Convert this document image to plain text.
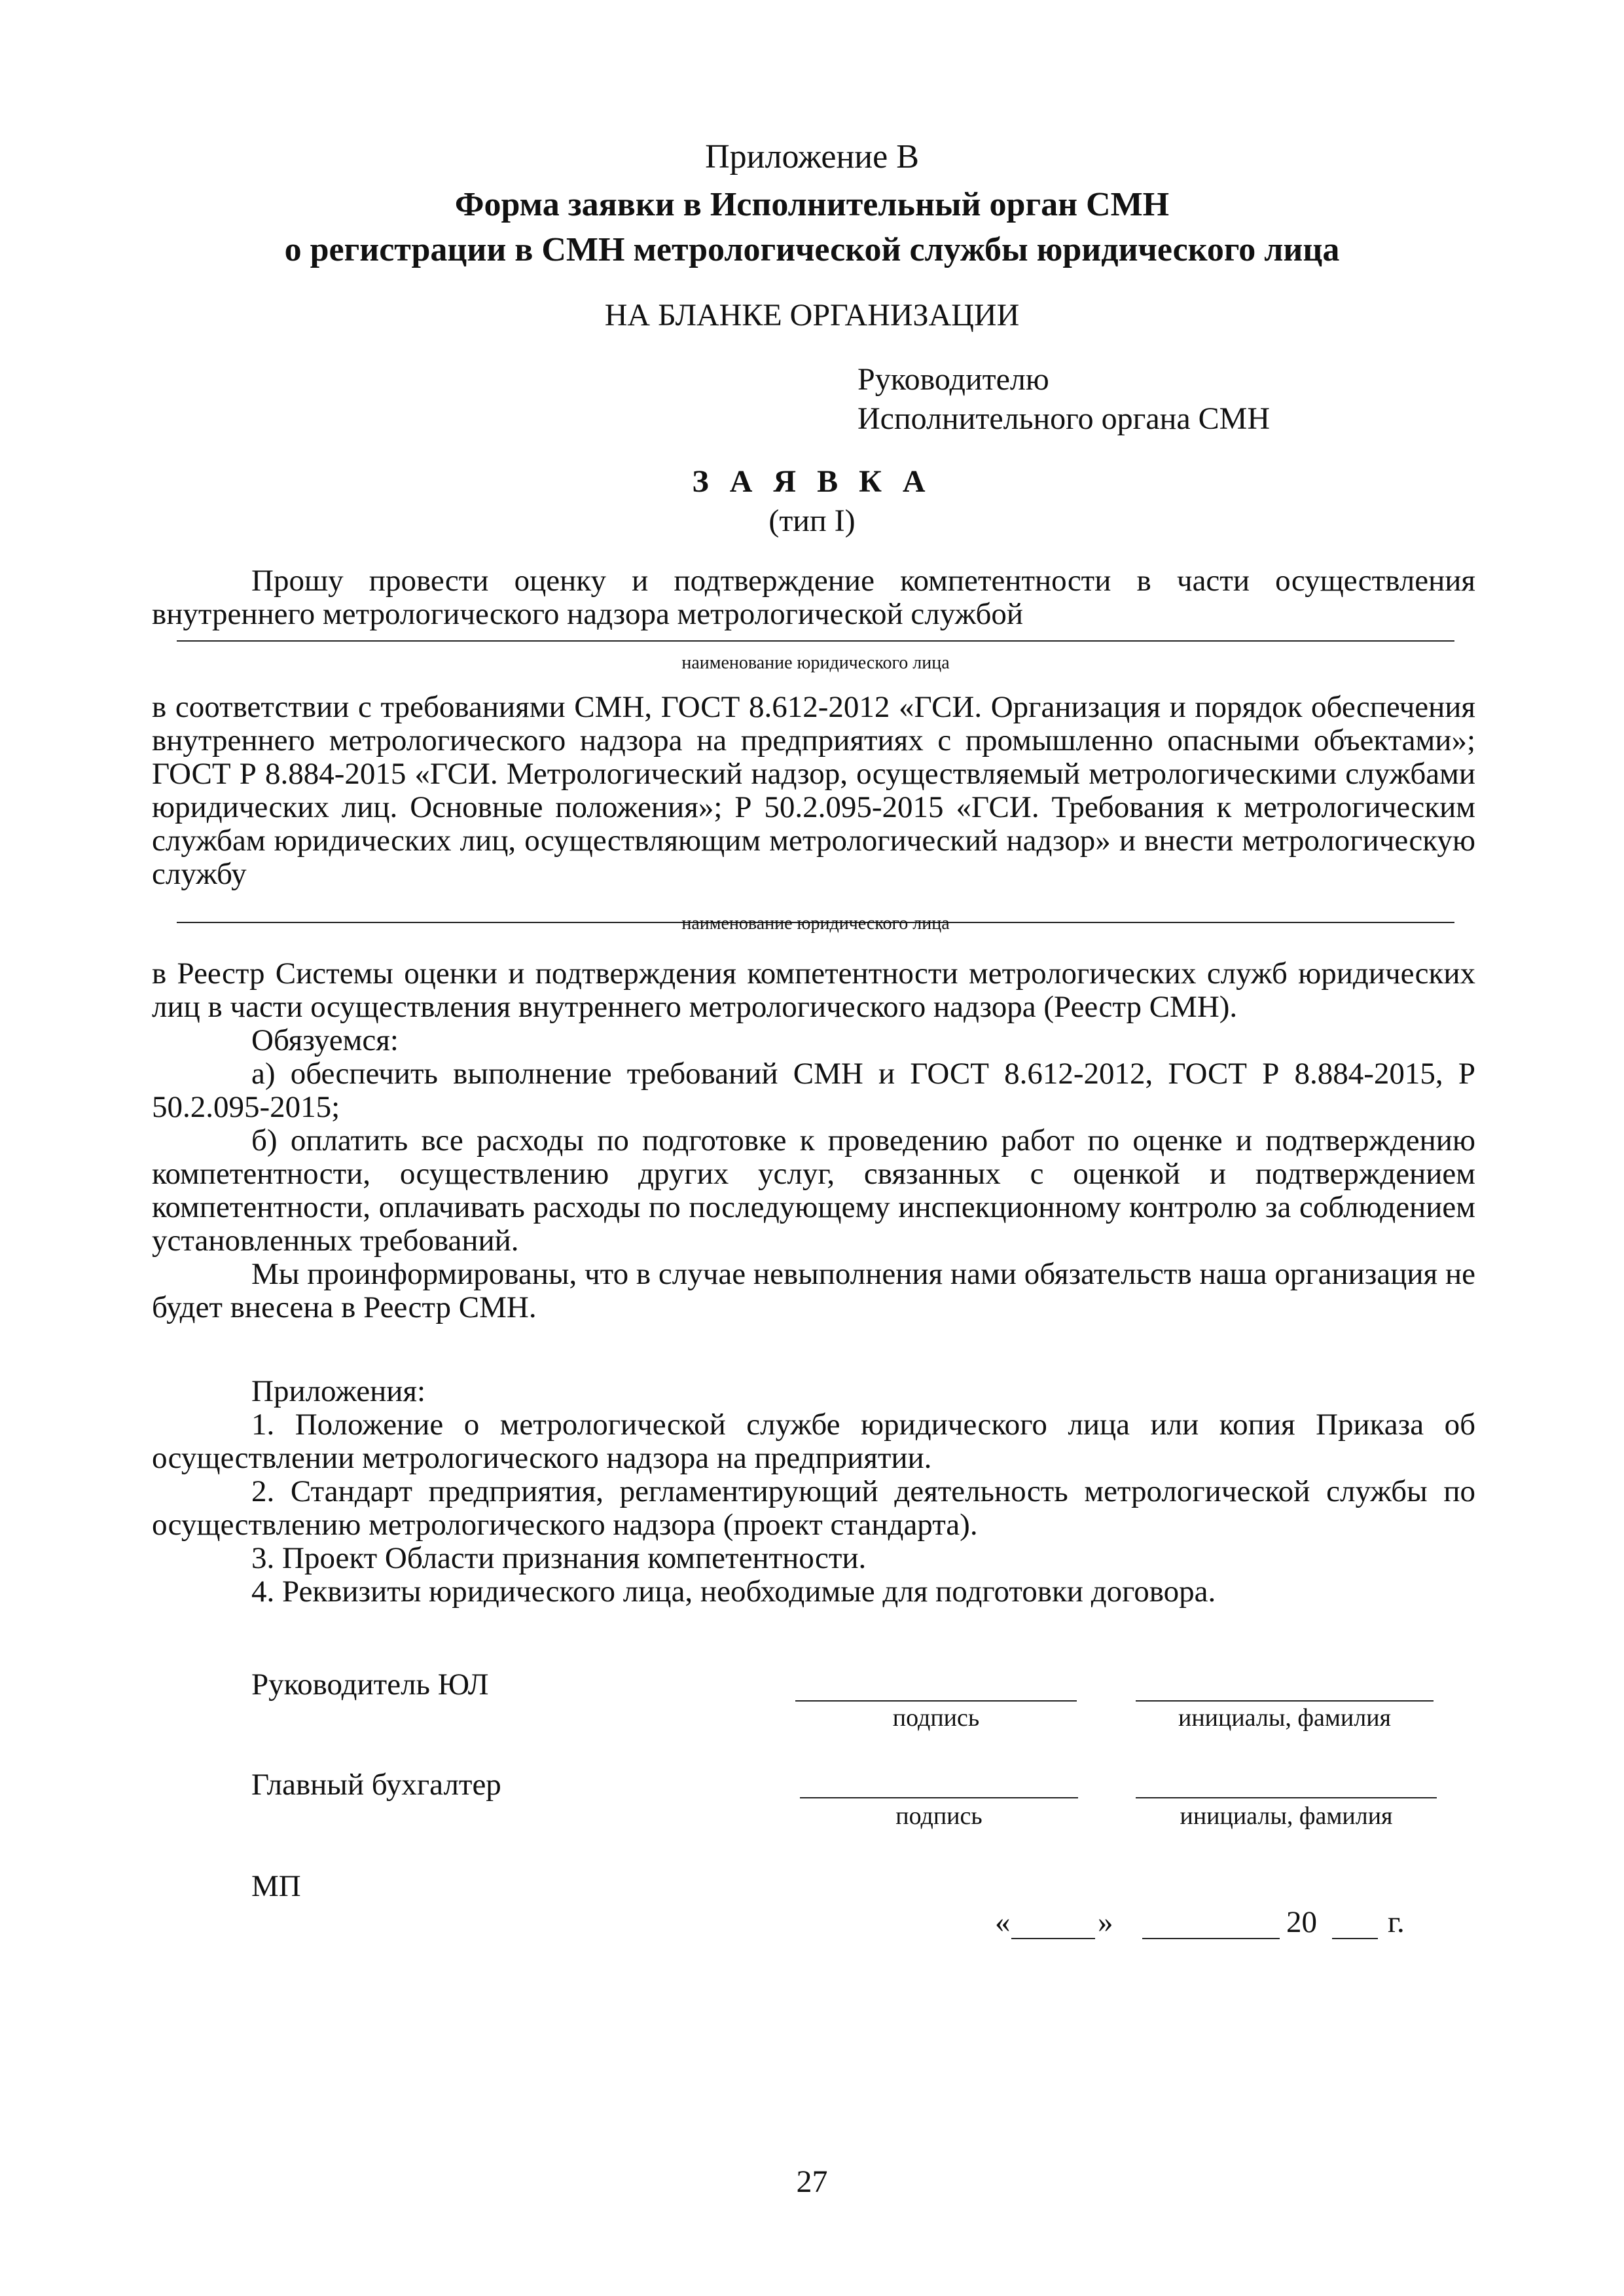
Приложение В
Форма заявки в Исполнительный орган СМН
о регистрации в СМН метрологической службы юридического лица
НА БЛАНКЕ ОРГАНИЗАЦИИ
Руководителю
Исполнительного органа СМН
З А Я В К А
(тип I)

Прошу провести оценку и подтверждение компетентности в части осуществления внутреннего метрологического надзора метрологической службой

наименование юридического лица

в соответствии с требованиями СМН, ГОСТ 8.612-2012 «ГСИ. Организация и порядок обеспечения внутреннего метрологического надзора на предприятиях с промышленно опасными объектами»; ГОСТ Р 8.884-2015 «ГСИ. Метрологический надзор, осуществляемый метрологическими службами юридических лиц. Основные положения»; Р 50.2.095-2015 «ГСИ. Требования к метрологическим службам юридических лиц, осуществляющим метрологический надзор» и внести метрологическую службу

наименование юридического лица

в Реестр Системы оценки и подтверждения компетентности метрологических служб юридических лиц в части осуществления внутреннего метрологического надзора (Реестр СМН).

Обязуемся:

а) обеспечить выполнение требований СМН и ГОСТ 8.612-2012, ГОСТ Р 8.884-2015, Р 50.2.095-2015;

б) оплатить все расходы по подготовке к проведению работ по оценке и подтверждению компетентности, осуществлению других услуг, связанных с оценкой и подтверждением компетентности, оплачивать расходы по последующему инспекционному контролю за соблюдением установленных требований.

Мы проинформированы, что в случае невыполнения нами обязательств наша организация не будет внесена в Реестр СМН.

Приложения:

1. Положение о метрологической службе юридического лица или копия Приказа об осуществлении метрологического надзора на предприятии.

2. Стандарт предприятия, регламентирующий деятельность метрологической службы по осуществлению метрологического надзора (проект стандарта).

3. Проект Области признания компетентности.

4. Реквизиты юридического лица, необходимые для подготовки договора.

Руководитель ЮЛ
подпись	инициалы, фамилия
Главный бухгалтер
подпись	инициалы, фамилия
МП
«	»	20 г.
27
